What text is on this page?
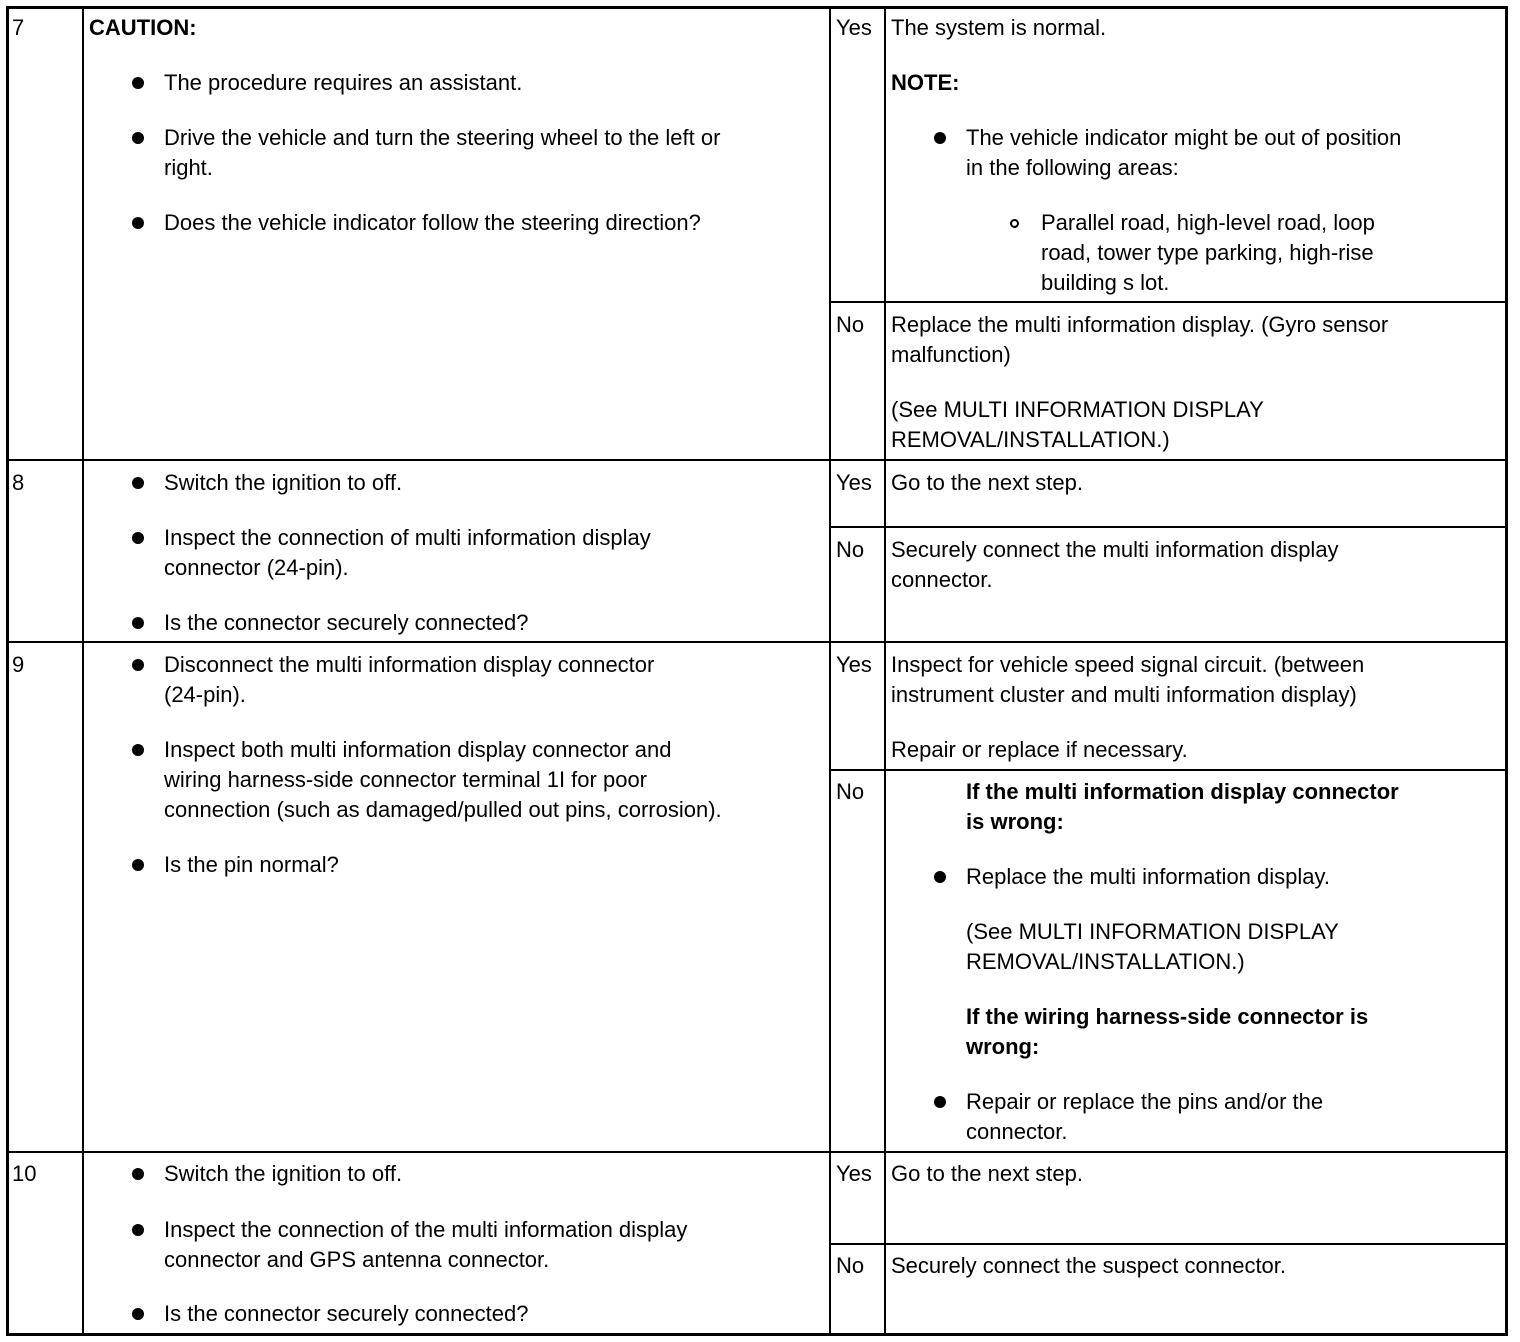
7	CAUTION:
The procedure requires an assistant.
Drive the vehicle and turn the steering wheel to the left or
right.
Does the vehicle indicator follow the steering direction?
Yes The system is normal.
NOTE:
The vehicle indicator might be out of position
in the following areas:
Parallel road, high-level road, loop
road, tower type parking, high-rise
building s lot.
No Replace the multi information display. (Gyro sensor
malfunction)
(See MULTI INFORMATION DISPLAY
REMOVAL/INSTALLATION.)
8	Switch the ignition to off.
Inspect the connection of multi information display
connector (24-pin).
Is the connector securely connected?
Yes Go to the next step.
No Securely connect the multi information display
connector.
9	Disconnect the multi information display connector
(24-pin).
Inspect both multi information display connector and
wiring harness-side connector terminal 1I for poor
connection (such as damaged/pulled out pins, corrosion).
Is the pin normal?
Yes Inspect for vehicle speed signal circuit. (between
instrument cluster and multi information display)
Repair or replace if necessary.
No	If the multi information display connector
is wrong:
Replace the multi information display.
(See MULTI INFORMATION DISPLAY
REMOVAL/INSTALLATION.)
If the wiring harness-side connector is
wrong:
Repair or replace the pins and/or the
connector.
10	Switch the ignition to off.
Inspect the connection of the multi information display
connector and GPS antenna connector.
Is the connector securely connected?
Yes Go to the next step.
No Securely connect the suspect connector.
